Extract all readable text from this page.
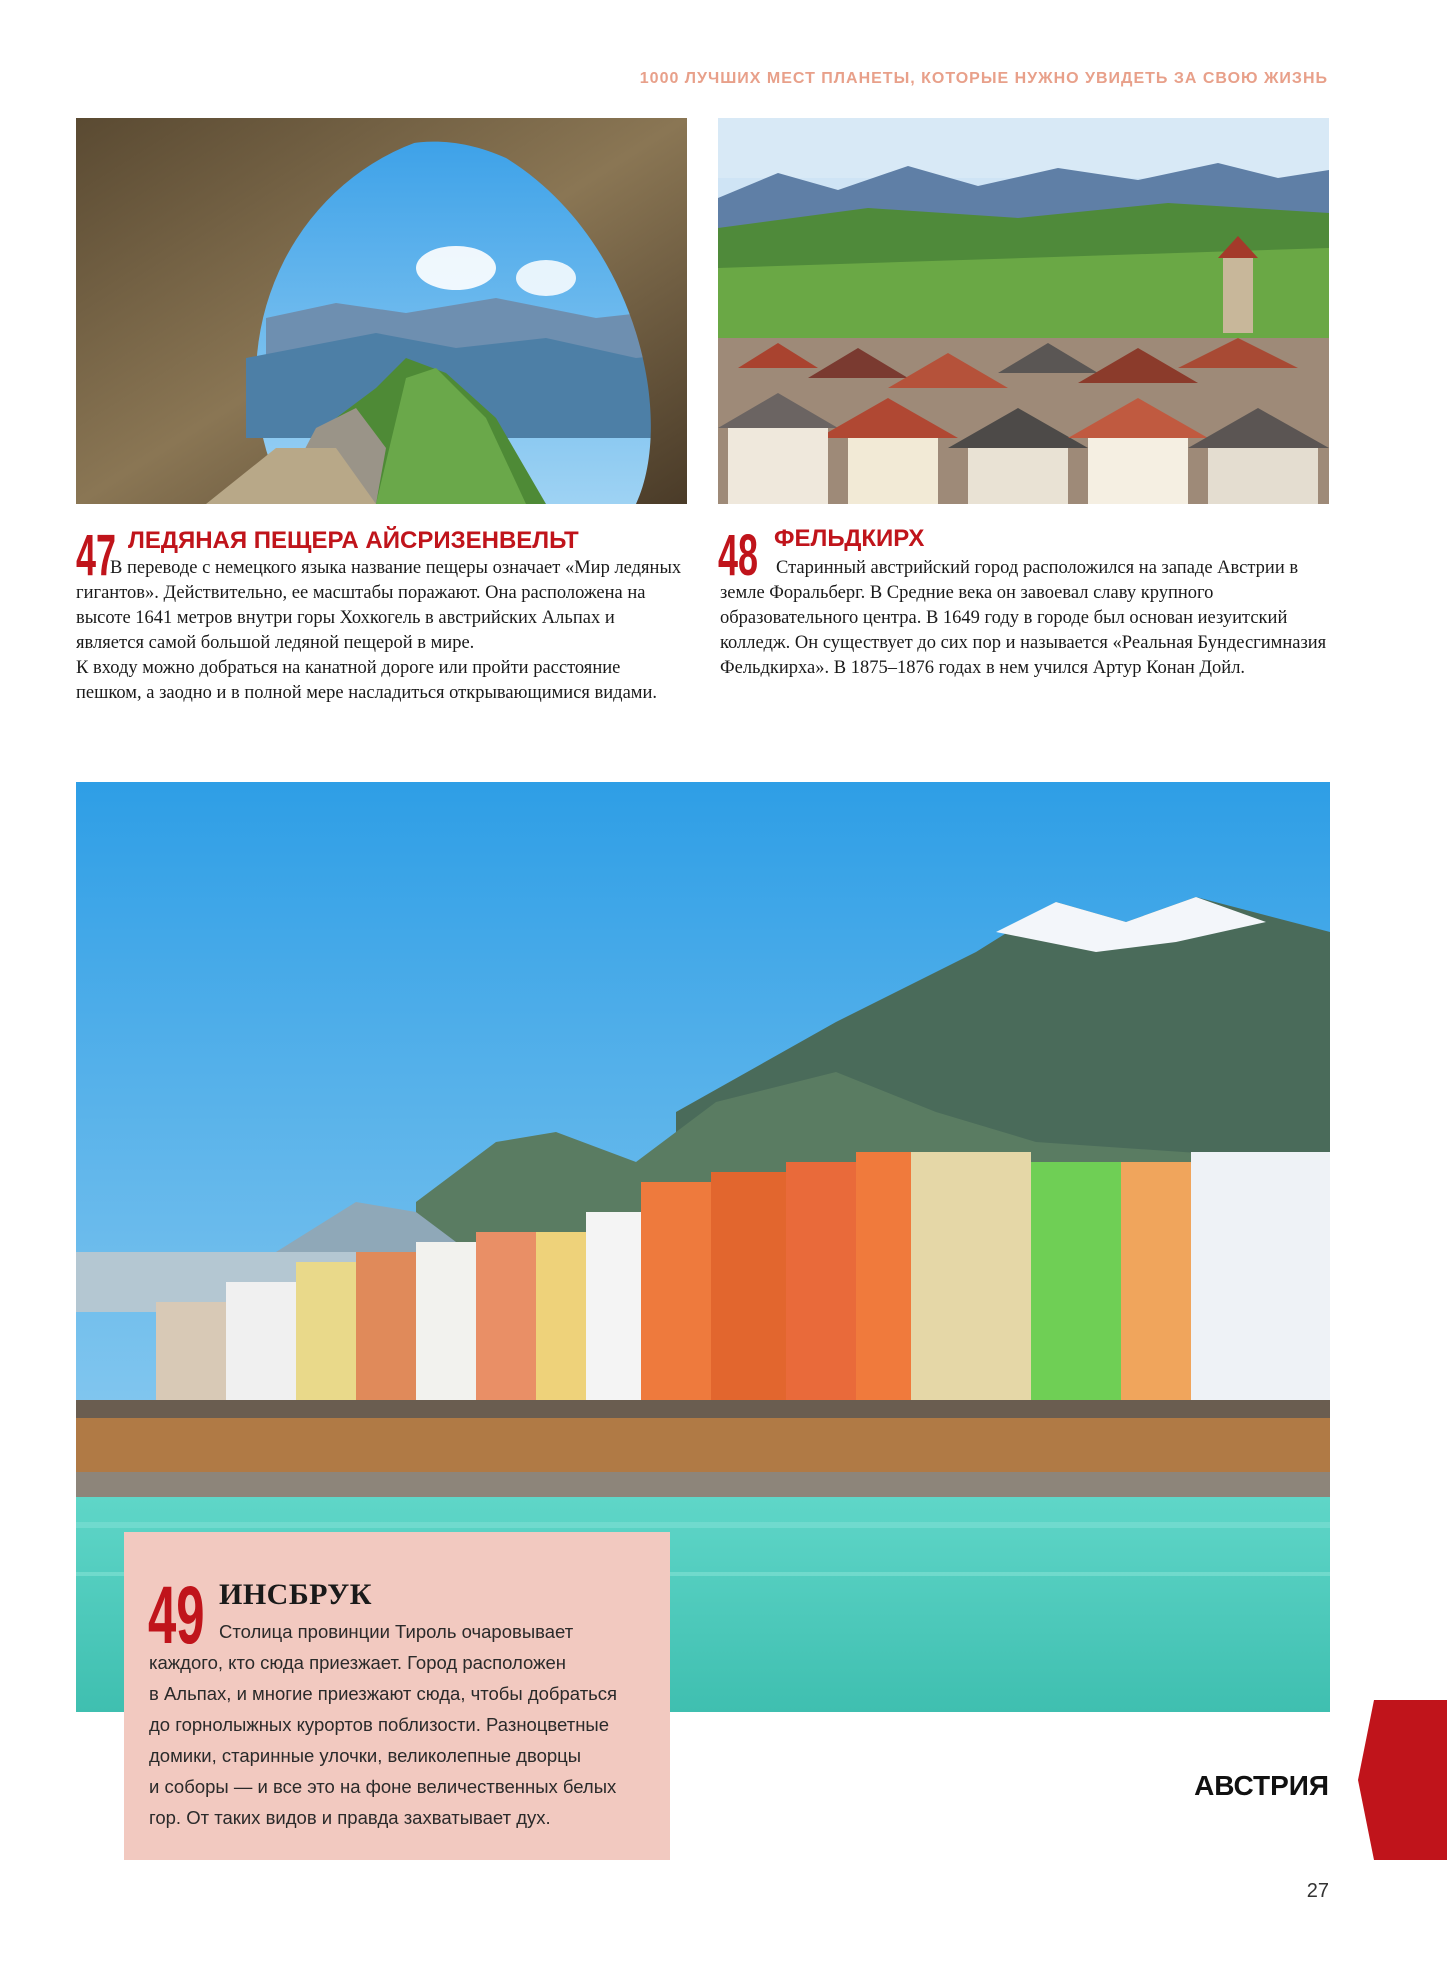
1000 ЛУЧШИХ МЕСТ ПЛАНЕТЫ, КОТОРЫЕ НУЖНО УВИДЕТЬ ЗА СВОЮ ЖИЗНЬ
47 ЛЕДЯНАЯ ПЕЩЕРА АЙСРИЗЕНВЕЛЬТ

В переводе с немецкого языка название пещеры означает «Мир ледяных гигантов». Действительно, ее масштабы поражают. Она расположена на высоте 1641 метров внутри горы Хохкогель в австрийских Альпах и является самой большой ледяной пещерой в мире.

К входу можно добраться на канатной дороге или пройти расстояние пешком, а заодно и в полной мере насладиться открывающимися видами.

48 ФЕЛЬДКИРХ

Старинный австрийский город расположился на западе Австрии в земле Форальберг. В Средние века он завоевал славу крупного образовательного центра. В 1649 году в городе был основан иезуитский колледж. Он существует до сих пор и называется «Реальная Бундесгимназия Фельдкирха». В 1875–1876 годах в нем учился Артур Конан Дойл.

49 ИНСБРУК
Столица провинции Тироль очаровывает
каждого, кто сюда приезжает. Город расположен
в Альпах, и многие приезжают сюда, чтобы добраться
до горнолыжных курортов поблизости. Разноцветные
домики, старинные улочки, великолепные дворцы
и соборы — и все это на фоне величественных белых
гор. От таких видов и правда захватывает дух.
АВСТРИЯ
27
